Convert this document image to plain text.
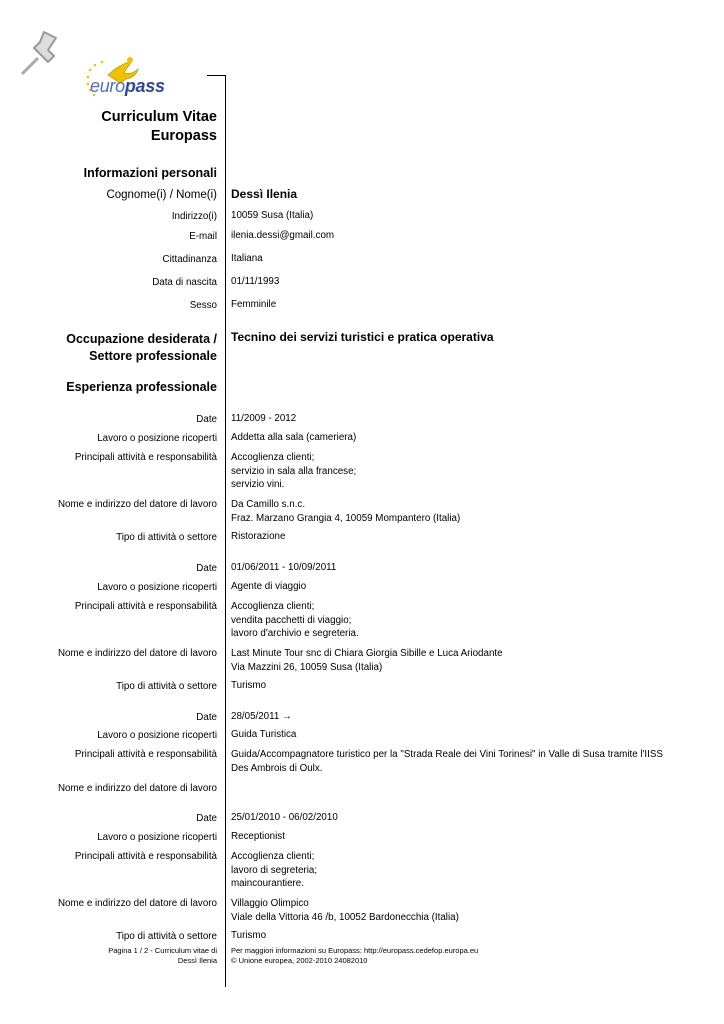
europass
Curriculum Vitae
Europass
Informazioni personali
Cognome(i) / Nome(i) Dessì Ilenia
Indirizzo(i) 10059 Susa (Italia)
E-mail ilenia.dessi@gmail.com
Cittadinanza Italiana
Data di nascita 01/11/1993
Sesso Femminile
Occupazione desiderata /
Settore professionale
Tecnino dei servizi turistici e pratica operativa
Esperienza professionale
Date 11/2009 - 2012
Lavoro o posizione ricoperti Addetta alla sala (cameriera)
Principali attività e responsabilità Accoglienza clienti;
servizio in sala alla francese;
servizio vini.
Nome e indirizzo del datore di lavoro Da Camillo s.n.c.
Fraz. Marzano Grangia 4, 10059 Mompantero (Italia)
Tipo di attività o settore Ristorazione
Date 01/06/2011 - 10/09/2011
Lavoro o posizione ricoperti Agente di viaggio
Principali attività e responsabilità Accoglienza clienti;
vendita pacchetti di viaggio;
lavoro d'archivio e segreteria.
Nome e indirizzo del datore di lavoro Last Minute Tour snc di Chiara Giorgia Sibille e Luca Ariodante
Via Mazzini 26, 10059 Susa (Italia)
Tipo di attività o settore Turismo
Date 28/05/2011 →
Lavoro o posizione ricoperti Guida Turistica
Principali attività e responsabilità Guida/Accompagnatore turistico per la "Strada Reale dei Vini Torinesi" in Valle di Susa tramite l'IISS
Des Ambrois di Oulx.
Nome e indirizzo del datore di lavoro
Date 25/01/2010 - 06/02/2010
Lavoro o posizione ricoperti Receptionist
Principali attività e responsabilità Accoglienza clienti;
lavoro di segreteria;
maincourantiere.
Nome e indirizzo del datore di lavoro Villaggio Olimpico
Viale della Vittoria 46 /b, 10052 Bardonecchia (Italia)
Tipo di attività o settore Turismo
Pagina 1 / 2 - Curriculum vitae di
Dessì Ilenia
Per maggiori informazioni su Europass: http://europass.cedefop.europa.eu
© Unione europea, 2002-2010 24082010
